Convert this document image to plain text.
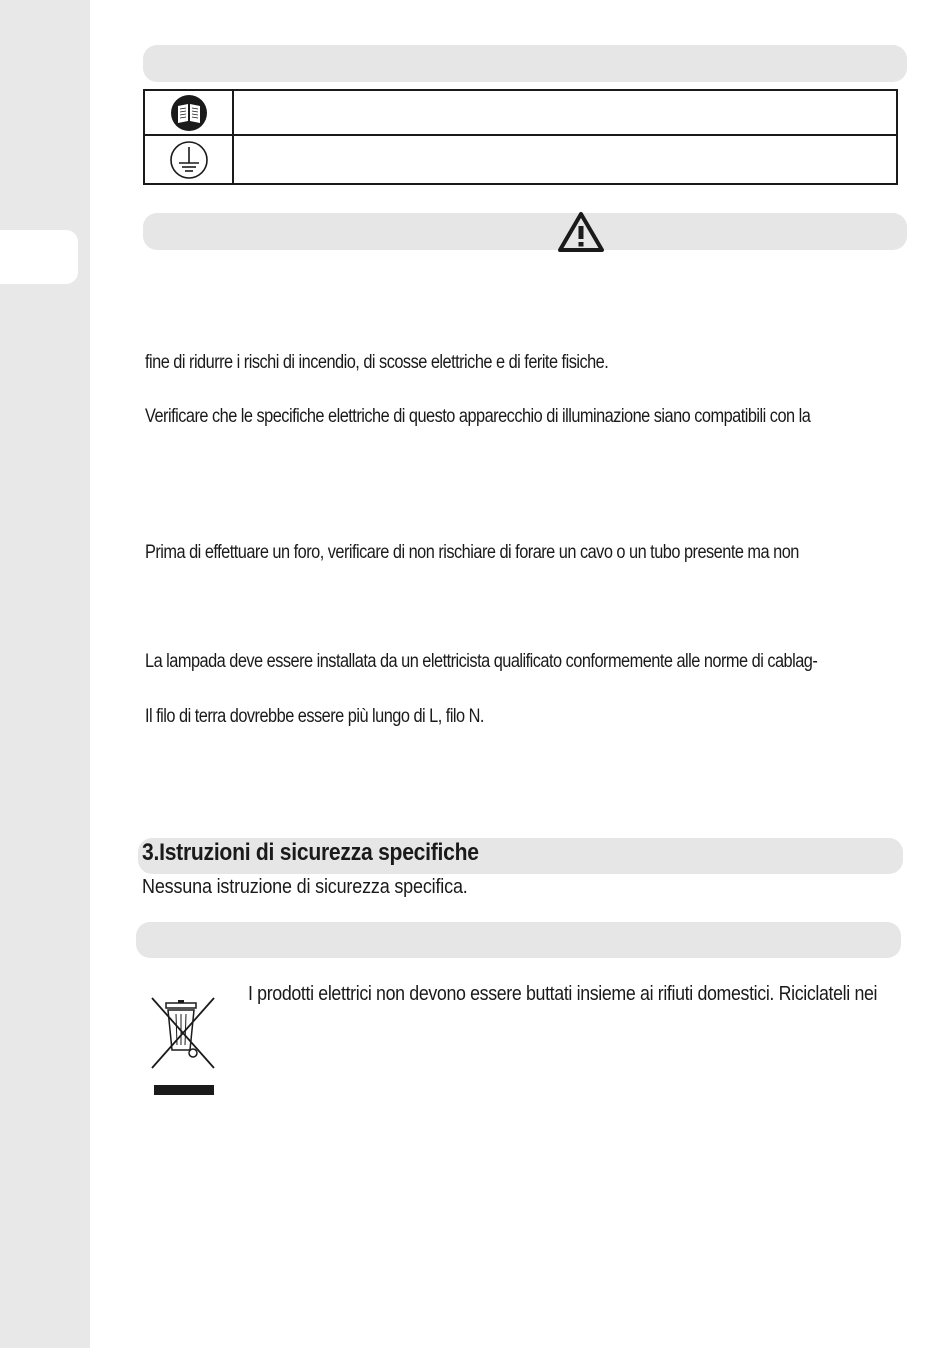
fine di ridurre i rischi di incendio, di scosse elettriche e di ferite fisiche.
Verificare che le specifiche elettriche di questo apparecchio di illuminazione siano compatibili con la
Prima di effettuare un foro, verificare di non rischiare di forare un cavo o un tubo presente ma non
La lampada deve essere installata da un elettricista qualificato conformemente alle norme di cablag-
Il filo di terra dovrebbe essere più lungo di L, filo N.
3.Istruzioni di sicurezza specifiche
Nessuna istruzione di sicurezza specifica.
I prodotti elettrici non devono essere buttati insieme ai rifiuti domestici. Riciclateli nei
